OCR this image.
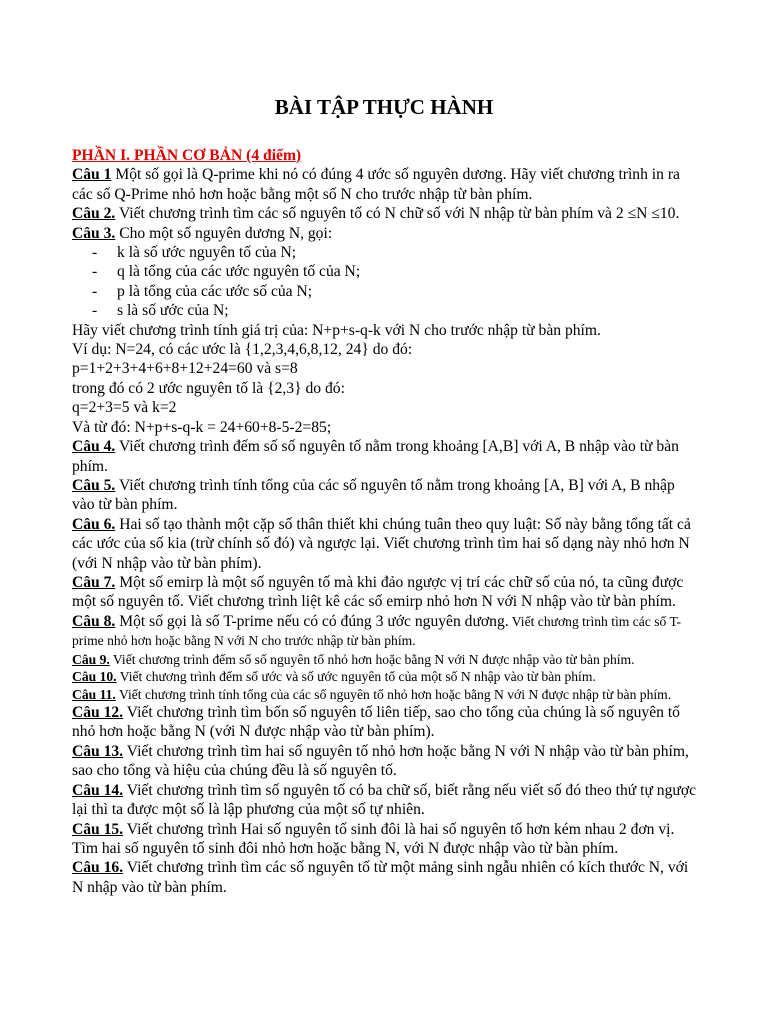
BÀI TẬP THỰC HÀNH

PHẦN I. PHẦN CƠ BẢN (4 điểm)

Câu 1 Một số gọi là Q-prime khi nó có đúng 4 ước số nguyên dương. Hãy viết chương trình in ra các số Q-Prime nhỏ hơn hoặc bằng một số N cho trước nhập từ bàn phím.

Câu 2. Viết chương trình tìm các số nguyên tố có N chữ số với N nhập từ bàn phím và 2 ≤N ≤10.

Câu 3. Cho một số nguyên dương N, gọi:

- k là số ước nguyên tố của N;
- q là tổng của các ước nguyên tố của N;
- p là tổng của các ước số của N;
- s là số ước của N;

Hãy viết chương trình tính giá trị của: N+p+s-q-k với N cho trước nhập từ bàn phím.

Ví dụ: N=24, có các ước là {1,2,3,4,6,8,12, 24} do đó:

p=1+2+3+4+6+8+12+24=60 và s=8

trong đó có 2 ước nguyên tố là {2,3} do đó:

q=2+3=5 và k=2

Và từ đó: N+p+s-q-k = 24+60+8-5-2=85;

Câu 4. Viết chương trình đếm số số nguyên tố nằm trong khoảng [A,B] với A, B nhập vào từ bàn phím.

Câu 5. Viết chương trình tính tổng của các số nguyên tố nằm trong khoảng [A, B] với A, B nhập vào từ bàn phím.

Câu 6. Hai số tạo thành một cặp số thân thiết khi chúng tuân theo quy luật: Số này bằng tổng tất cả các ước của số kia (trừ chính số đó) và ngược lại. Viết chương trình tìm hai số dạng này nhỏ hơn N (với N nhập vào từ bàn phím).

Câu 7. Một số emirp là một số nguyên tố mà khi đảo ngược vị trí các chữ số của nó, ta cũng được một số nguyên tố. Viết chương trình liệt kê các số emirp nhỏ hơn N với N nhập vào từ bàn phím.

Câu 8. Một số gọi là số T-prime nếu có có đúng 3 ước nguyên dương. Viết chương trình tìm các số T-prime nhỏ hơn hoặc bằng N với N cho trước nhập từ bàn phím.

Câu 9. Viết chương trình đếm số số nguyên tố nhỏ hơn hoặc bằng N với N được nhập vào từ bàn phím.

Câu 10. Viết chương trình đếm số ước và số ước nguyên tố của một số N nhập vào từ bàn phím.

Câu 11. Viết chương trình tính tổng của các số nguyên tố nhỏ hơn hoặc bằng N với N được nhập từ bàn phím.

Câu 12. Viết chương trình tìm bốn số nguyên tố liên tiếp, sao cho tổng của chúng là số nguyên tố nhỏ hơn hoặc bằng N (với N được nhập vào từ bàn phím).

Câu 13. Viết chương trình tìm hai số nguyên tố nhỏ hơn hoặc bằng N với N nhập vào từ bàn phím, sao cho tổng và hiệu của chúng đều là số nguyên tố.

Câu 14. Viết chương trình tìm số nguyên tố có ba chữ số, biết rằng nếu viết số đó theo thứ tự ngược lại thì ta được một số là lập phương của một số tự nhiên.

Câu 15. Viết chương trình Hai số nguyên tố sinh đôi là hai số nguyên tố hơn kém nhau 2 đơn vị. Tìm hai số nguyên tố sinh đôi nhỏ hơn hoặc bằng N, với N được nhập vào từ bàn phím.

Câu 16. Viết chương trình tìm các số nguyên tố từ một mảng sinh ngẫu nhiên có kích thước N, với N nhập vào từ bàn phím.
